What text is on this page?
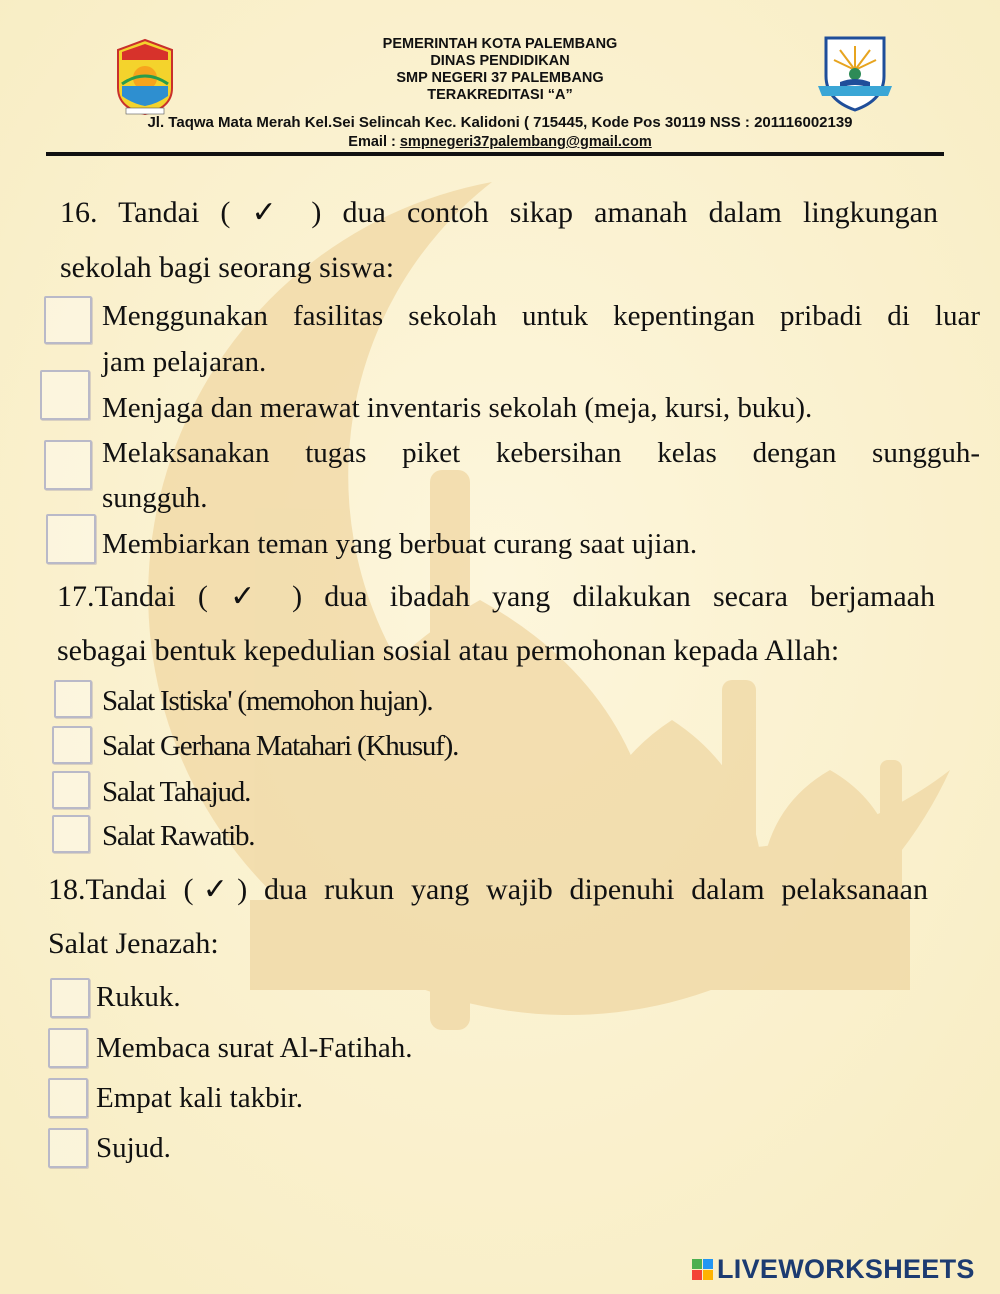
PEMERINTAH KOTA PALEMBANG
DINAS PENDIDIKAN
SMP NEGERI 37 PALEMBANG
TERAKREDITASI “A”
Jl. Taqwa Mata Merah Kel.Sei Selincah Kec. Kalidoni ( 715445, Kode Pos 30119 NSS : 201116002139
Email : smpnegeri37palembang@gmail.com
16. Tandai ( ✓ ) dua contoh sikap amanah dalam lingkungan
sekolah bagi seorang siswa:
Menggunakan fasilitas sekolah untuk kepentingan pribadi di luar
jam pelajaran.
Menjaga dan merawat inventaris sekolah (meja, kursi, buku).
Melaksanakan tugas piket kebersihan kelas dengan sungguh-
sungguh.
Membiarkan teman yang berbuat curang saat ujian.
17.Tandai ( ✓ ) dua ibadah yang dilakukan secara berjamaah
sebagai bentuk kepedulian sosial atau permohonan kepada Allah:
Salat Istiska' (memohon hujan).
Salat Gerhana Matahari (Khusuf).
Salat Tahajud.
Salat Rawatib.
18.Tandai (✓) dua rukun yang wajib dipenuhi dalam pelaksanaan
Salat Jenazah:
Rukuk.
Membaca surat Al-Fatihah.
Empat kali takbir.
Sujud.
LIVEWORKSHEETS
